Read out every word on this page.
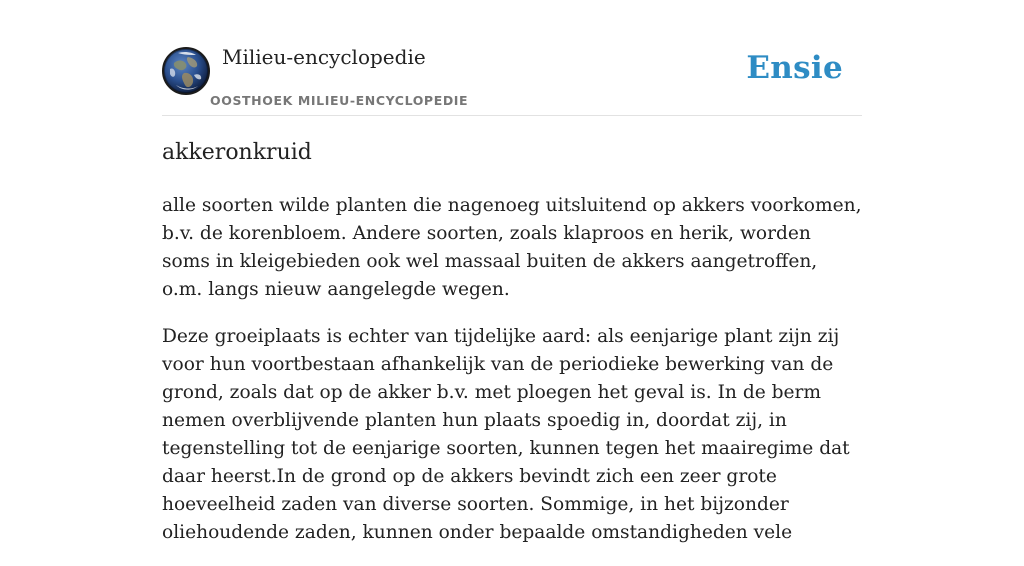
Milieu-encyclopedie
OOSTHOEK MILIEU-ENCYCLOPEDIE
Ensie
akkeronkruid

alle soorten wilde planten die nagenoeg uitsluitend op akkers voorkomen, b.v. de korenbloem. Andere soorten, zoals klaproos en herik, worden soms in kleigebieden ook wel massaal buiten de akkers aangetroffen, o.m. langs nieuw aangelegde wegen.

Deze groeiplaats is echter van tijdelijke aard: als eenjarige plant zijn zij voor hun voortbestaan afhankelijk van de periodieke bewerking van de grond, zoals dat op de akker b.v. met ploegen het geval is. In de berm nemen overblijvende planten hun plaats spoedig in, doordat zij, in tegenstelling tot de eenjarige soorten, kunnen tegen het maairegime dat daar heerst.In de grond op de akkers bevindt zich een zeer grote hoeveelheid zaden van diverse soorten. Sommige, in het bijzonder oliehoudende zaden, kunnen onder bepaalde omstandigheden vele
